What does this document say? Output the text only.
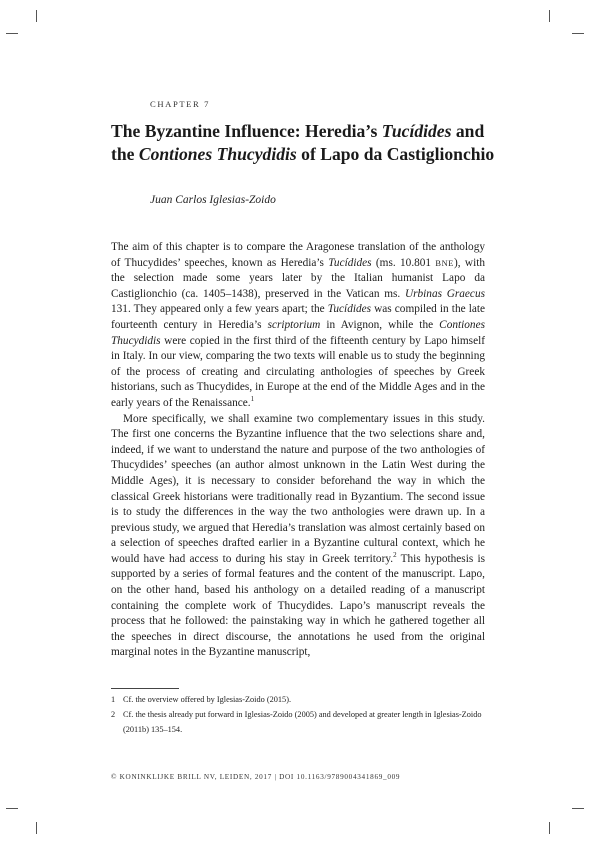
CHAPTER 7
The Byzantine Influence: Heredia’s Tucídides and the Contiones Thucydidis of Lapo da Castiglionchio
Juan Carlos Iglesias-Zoido

The aim of this chapter is to compare the Aragonese translation of the anthology of Thucydides’ speeches, known as Heredia’s Tucídides (ms. 10.801 BNE), with the selection made some years later by the Italian humanist Lapo da Castiglionchio (ca. 1405–1438), preserved in the Vatican ms. Urbinas Graecus 131. They appeared only a few years apart; the Tucídides was compiled in the late fourteenth century in Heredia’s scriptorium in Avignon, while the Contiones Thucydidis were copied in the first third of the fifteenth century by Lapo himself in Italy. In our view, comparing the two texts will enable us to study the beginning of the process of creating and circulating anthologies of speeches by Greek historians, such as Thucydides, in Europe at the end of the Middle Ages and in the early years of the Renaissance.$^1$

More specifically, we shall examine two complementary issues in this study. The first one concerns the Byzantine influence that the two selections share and, indeed, if we want to understand the nature and purpose of the two anthologies of Thucydides’ speeches (an author almost unknown in the Latin West during the Middle Ages), it is necessary to consider beforehand the way in which the classical Greek historians were traditionally read in Byzantium. The second issue is to study the differences in the way the two anthologies were drawn up. In a previous study, we argued that Heredia’s translation was almost certainly based on a selection of speeches drafted earlier in a Byzantine cultural context, which he would have had access to during his stay in Greek territory.$^2$ This hypothesis is supported by a series of formal features and the content of the manuscript. Lapo, on the other hand, based his anthology on a detailed reading of a manuscript containing the complete work of Thucydides. Lapo’s manuscript reveals the process that he followed: the painstaking way in which he gathered together all the speeches in direct discourse, the annotations he used from the original marginal notes in the Byzantine manuscript,

1 Cf. the overview offered by Iglesias-Zoido (2015).
2 Cf. the thesis already put forward in Iglesias-Zoido (2005) and developed at greater length in Iglesias-Zoido (2011b) 135–154.
© KONINKLIJKE BRILL NV, LEIDEN, 2017 | DOI 10.1163/9789004341869_009
